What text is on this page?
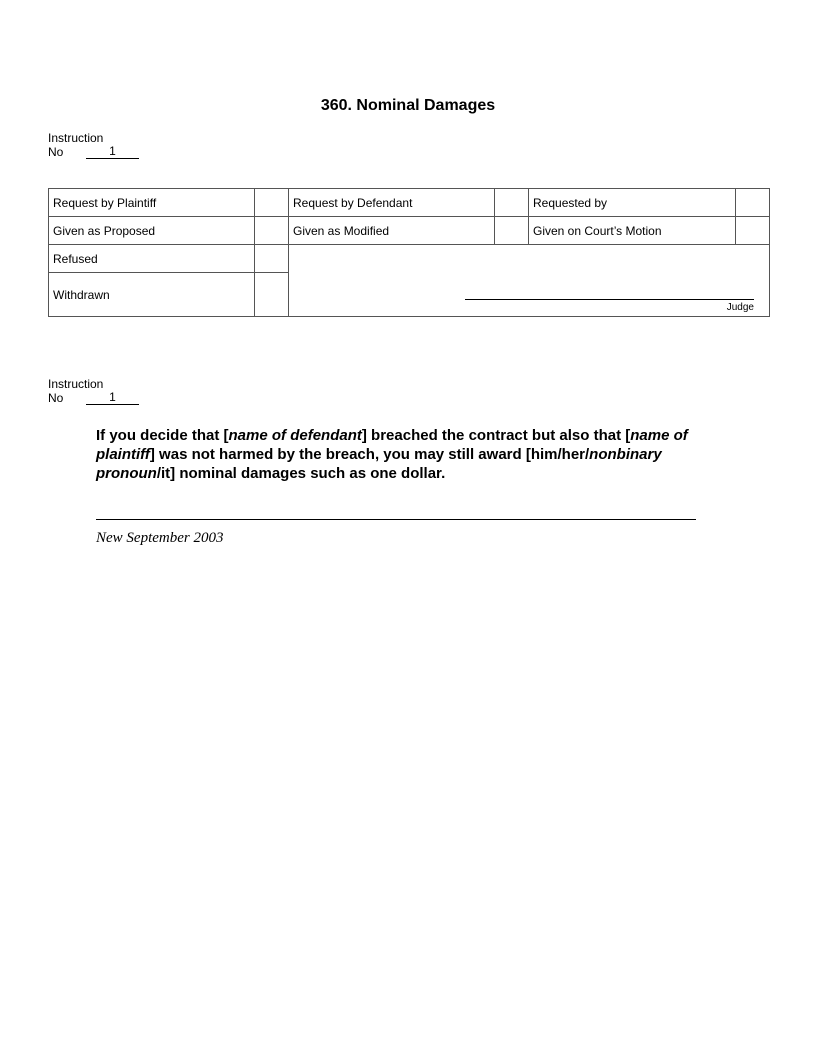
360. Nominal Damages
Instruction
No	1
Request by Plaintiff		Request by Defendant		Requested by	
Given as Proposed		Given as Modified		Given on Court’s Motion	
Refused		Judge			

Withdrawn					
Instruction
No	1
If you decide that [name of defendant] breached the contract but also that [name of plaintiff] was not harmed by the breach, you may still award [him/her/nonbinary pronoun/it] nominal damages such as one dollar.
New September 2003
